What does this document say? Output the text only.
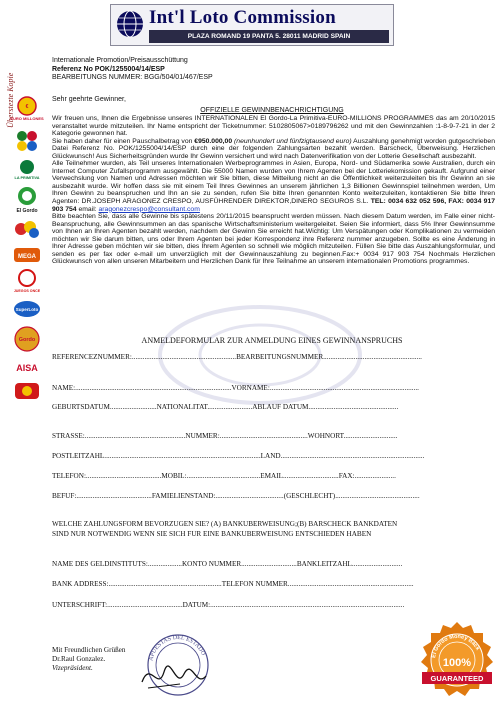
Int'l Loto Commission
PLAZA ROMAND 19 PANTA 5. 28011 MADRID SPAIN
Überstezte Kopie €
EURO MILLONES
LA PRIMITIVA
El Gordo
MEGA
JUEGOS ONCE
SuperLoto
Gordo
AISA
Internationale Promotion/Preisausschüttung
Referenz No POK/1255004/14/ESP
BEARBEITUNGS NUMMER: BGG/504/01/467/ESP
Sehr geehrte Gewinner,
OFFIZIELLE GEWINNBENACHRICHTIGUNG

Wir freuen uns, Ihnen die Ergebnisse unseres INTERNATIONALEN El Gordo-La Primitiva-EURO-MILLIONS PROGRAMMES das am 20/10/2015 veranstaltet wurde mitzuteilen. Ihr Name entspricht der Ticketnummer: 5102805067>0189796262 und mit den Gewinnzahlen :1-8-9-7-21 in der 2 Kategorie gewonnen hat.

Sie haben daher für einen Pauschalbetrag von €950.000,00 (neunhundert und fünfzigtausend euro) Auszahlung genehmigt worden gutgeschrieben Datei Referenz No. POK/1255004/14/ESP durch eine der folgenden Zahlungsarten bezahlt werden. Barscheck, Überweisung. Herzlichen Glückwunsch! Aus Sicherheitsgründen wurde Ihr Gewinn versichert und wird nach Datenverifikation von der Lotterie Gesellschaft ausbezahlt.

Alle Teilnehmer wurden, als Teil unseres Internationalen Werbeprogrammes in Asien, Europa, Nord- und Südamerika sowie Australien, durch ein Internet Computer Zufallsprogramm ausgewählt. Die 55000 Namen wurden von Ihrem Agenten bei der Lotteriekomission gekauft. Aufgrund einer Verwechslung von Namen und Adressen möchten wir Sie bitten, diese Mitteilung nicht an die Öffentlichkeit weiterzuleiten bis Ihr Gewinn an sie ausbezahlt wurde. Wir hoffen dass sie mit einem Teil Ihres Gewinnes an unserem jährlichen 1,3 Billionen Gewinnspiel teilnehmen werden, Um Ihren Gewinn zu beanspruchen und Ihn an sie zu senden, rufen Sie bitte Ihren genannten Konto weiterzuleiten, kontaktieren Sie bitte Ihren Agenten: DR.JOSEPH ARAGONEZ CRESPO, AUSFÜHRENDER DIREKTOR,DINERO SEGUROS S.L. TEL: 0034 632 052 596, FAX: 0034 917 903 754 email: aragonezcrespo@consultant.com

Bitte beachten Sie, dass alle Gewinne bis spätestens 20/11/2015 beansprucht werden müssen. Nach diesem Datum werden, im Falle einer nicht-Beanspruchung, alle Gewinnsummen an das spanische Wirtschaftsministerium weitergeleitet. Seien Sie informiert, dass 5% Ihrer Gewinnsumme von Ihnen an Ihren Agenten bezahlt werden, nachdem der Gewinn Sie erreicht hat.Wichtig: Um Verspätungen oder Komplikationen zu vermeiden möchten wir Sie darum bitten, uns oder Ihrem Agenten bei jeder Korrespondenz ihre Referenz nummer anzugeben. Sollte es eine Änderung in Ihrer Adresse geben möchten wir sie bitten, dies Ihrem Agenten so schnell wie möglich mitzuteilen. Füllen Sie bitte das Auszahlungsformular, und senden es per fax oder e-mail um unverzüglich mit der Gewinnauszahlung zu beginnen.Fax:+ 0034 917 903 754 Nochmals Herzlichen Glückwunsch von allen unseren Mitarbeitern und Herzlichen Dank für Ihre Teilnahme an unserem internationalen Promotions programmes.

ANMELDEFORMULAR ZUR ANMELDUNG EINES GEWINNANSPRUCHS
REFERENCEZNUMMER:..........................................................BEARBEITUNGSNUMMER.......................................................
NAME:.......................................................................................VORNAME:...................................................................................
GEBURTSDATUM..........................NATIONALITAT.........................ABLAUF DATUM..................................................
STRASSE:........................................................NUMMER:.................................................WOHNORT..............................
POSTLEITZAHL.......................................................................................LAND................................................................................
TELEFON:..........................................MOBIL:.........................................EMAIL...............................FAX:.......................
BEFUF:..........................................FAMIELIENSTAND:......................................(GESCHLECHT)...............................................
WELCHE ZAHLUNGSFORM BEVORZUGEN SIE? (A) BANKUBERWEISUNG;(B) BARSCHECK BANKDATEN
SIND NUR NOTWENDIG WENN SIE SICH FUR EINE BANKUBERWEISUNG ENTSCHIEDEN HABEN
NAME DES GELDINSTITUTS:...................KONTO NUMMER...............................BANKLEITZAHL............................
BANK ADDRESS:...............................................................TELEFON NUMMER......................................................................
UNTERSCHRIFT:..........................................DATUM:............................................................................................................
Mit Freundlichen Grüßen
Dr.Raul Gonzalez.
Vizepräsident.
APUESTAS DEL ESTADO	El Gordo Money Back
100%
GUARANTEED
